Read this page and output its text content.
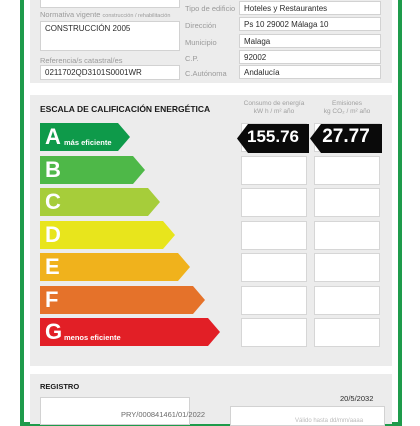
Normativa vigente construcción / rehabilitación
CONSTRUCCIÓN 2005
Referencia/s catastral/es
0211702QD3101S0001WR
Tipo de edificio	Hoteles y Restaurantes
Dirección	Ps 10 29002 Málaga 10
Municipio	Malaga
C.P.	92002
C.Autónoma	Andalucía
ESCALA DE CALIFICACIÓN ENERGÉTICA
Consumo de energía
kW h / m² año
Emisiones
kg CO₂ / m² año
A más eficiente	155.76	27.77
B
C
D
E
F
G menos eficiente
REGISTRO
20/5/2032
PRY/000841461/01/2022
Válido hasta dd/mm/aaaa
